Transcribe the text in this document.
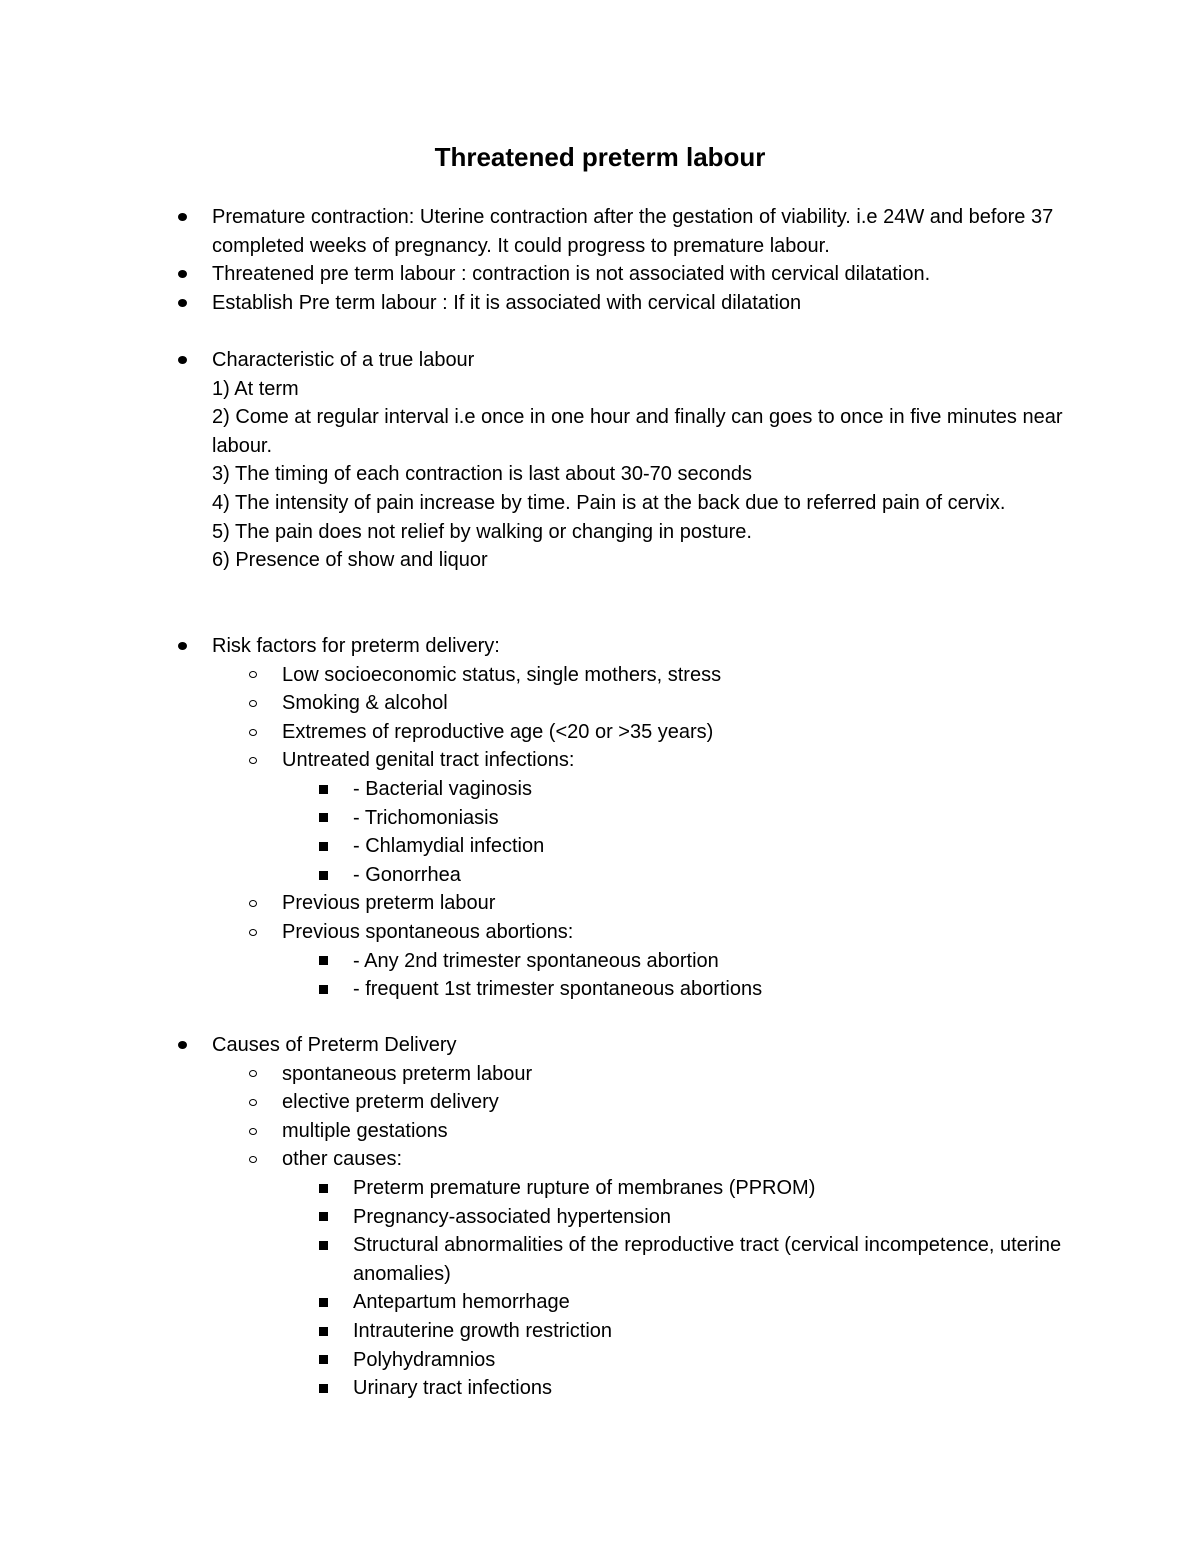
Threatened preterm labour
Premature contraction: Uterine contraction after the gestation of viability. i.e 24W and before 37 completed weeks of pregnancy. It could progress to premature labour.
Threatened pre term labour : contraction is not associated with cervical dilatation.
Establish Pre term labour : If it is associated with cervical dilatation
Characteristic of a true labour
1) At term
2) Come at regular interval i.e once in one hour and finally can goes to once in five minutes near labour.
3) The timing of each contraction is last about 30-70 seconds
4) The intensity of pain increase by time. Pain is at the back due to referred pain of cervix.
5) The pain does not relief by walking or changing in posture.
6) Presence of show and liquor
Risk factors for preterm delivery:
Low socioeconomic status, single mothers, stress
Smoking & alcohol
Extremes of reproductive age (<20 or >35 years)
Untreated genital tract infections:
- Bacterial vaginosis
- Trichomoniasis
- Chlamydial infection
- Gonorrhea
Previous preterm labour
Previous spontaneous abortions:
- Any 2nd trimester spontaneous abortion
- frequent 1st trimester spontaneous abortions
Causes of Preterm Delivery
spontaneous preterm labour
elective preterm delivery
multiple gestations
other causes:
Preterm premature rupture of membranes (PPROM)
Pregnancy-associated hypertension
Structural abnormalities of the reproductive tract (cervical incompetence, uterine anomalies)
Antepartum hemorrhage
Intrauterine growth restriction
Polyhydramnios
Urinary tract infections
